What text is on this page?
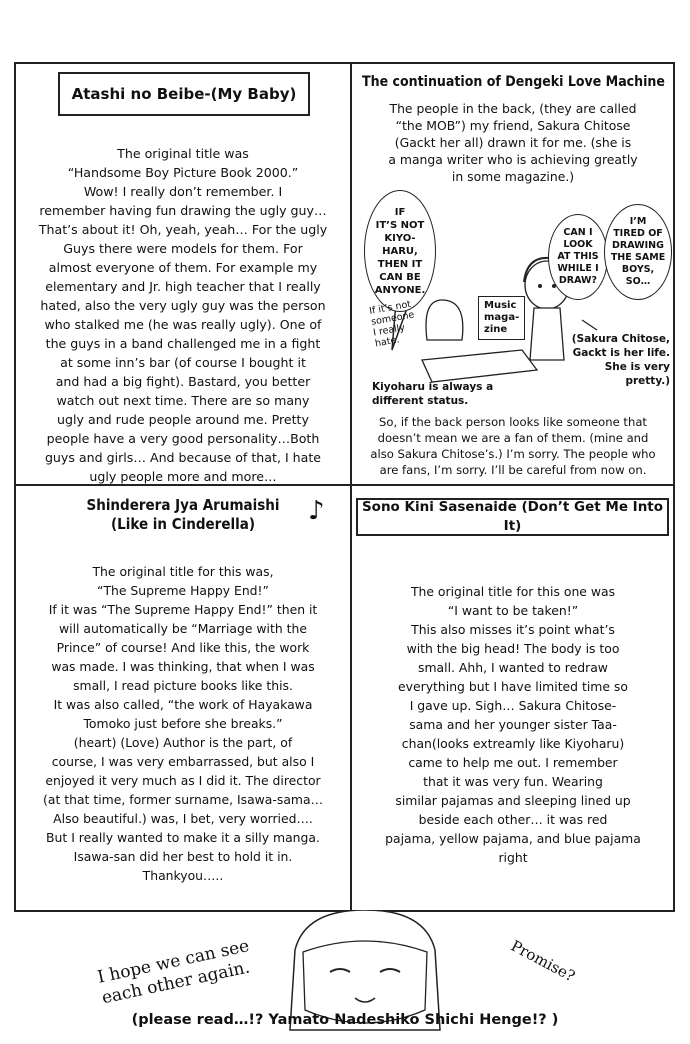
Atashi no Beibe-(My Baby)
The original title was
“Handsome Boy Picture Book 2000.”
Wow! I really don’t remember. I
remember having fun drawing the ugly guy…
That’s about it! Oh, yeah, yeah… For the ugly
Guys there were models for them. For
almost everyone of them. For example my
elementary and Jr. high teacher that I really
hated, also the very ugly guy was the person
who stalked me (he was really ugly). One of
the guys in a band challenged me in a fight
at some inn’s bar (of course I bought it
and had a big fight). Bastard, you better
watch out next time. There are so many
ugly and rude people around me. Pretty
people have a very good personality…Both
guys and girls… And because of that, I hate
ugly people more and more…
The continuation of Dengeki Love Machine
The people in the back, (they are called
“the MOB”) my friend, Sakura Chitose
(Gackt her all) drawn it for me. (she is
a manga writer who is achieving greatly
in some magazine.)
IF
IT’S NOT
KIYO-
HARU,
THEN IT
CAN BE
ANYONE.
If it’s not
someone
I really
hate.
Music
maga-
zine
CAN I
LOOK
AT THIS
WHILE I
DRAW?
I’M
TIRED OF
DRAWING
THE SAME
BOYS,
SO…
Kiyoharu is always a
different status.
(Sakura Chitose,
Gackt is her life.
She is very pretty.)
So, if the back person looks like someone that
doesn’t mean we are a fan of them. (mine and
also Sakura Chitose’s.) I’m sorry. The people who
are fans, I’m sorry. I’ll be careful from now on.
Shinderera Jya Arumaishi
(Like in Cinderella)	♪
The original title for this was,
“The Supreme Happy End!”
If it was “The Supreme Happy End!” then it
will automatically be “Marriage with the
Prince” of course! And like this, the work
was made. I was thinking, that when I was
small, I read picture books like this.
It was also called, “the work of Hayakawa
Tomoko just before she breaks.”
(heart) (Love) Author is the part, of
course, I was very embarrassed, but also I
enjoyed it very much as I did it. The director
(at that time, former surname, Isawa-sama…
Also beautiful.) was, I bet, very worried….
But I really wanted to make it a silly manga.
Isawa-san did her best to hold it in.
Thankyou…..
Sono Kini Sasenaide (Don’t Get Me Into It)
The original title for this one was
“I want to be taken!”
This also misses it’s point what’s
with the big head! The body is too
small. Ahh, I wanted to redraw
everything but I have limited time so
I gave up. Sigh… Sakura Chitose-
sama and her younger sister Taa-
chan(looks extreamly like Kiyoharu)
came to help me out. I remember
that it was very fun. Wearing
similar pajamas and sleeping lined up
beside each other… it was red
pajama, yellow pajama, and blue pajama
right
I hope we can see
each other again.	Promise?
(please read…!? Yamato Nadeshiko Shichi Henge!? )
